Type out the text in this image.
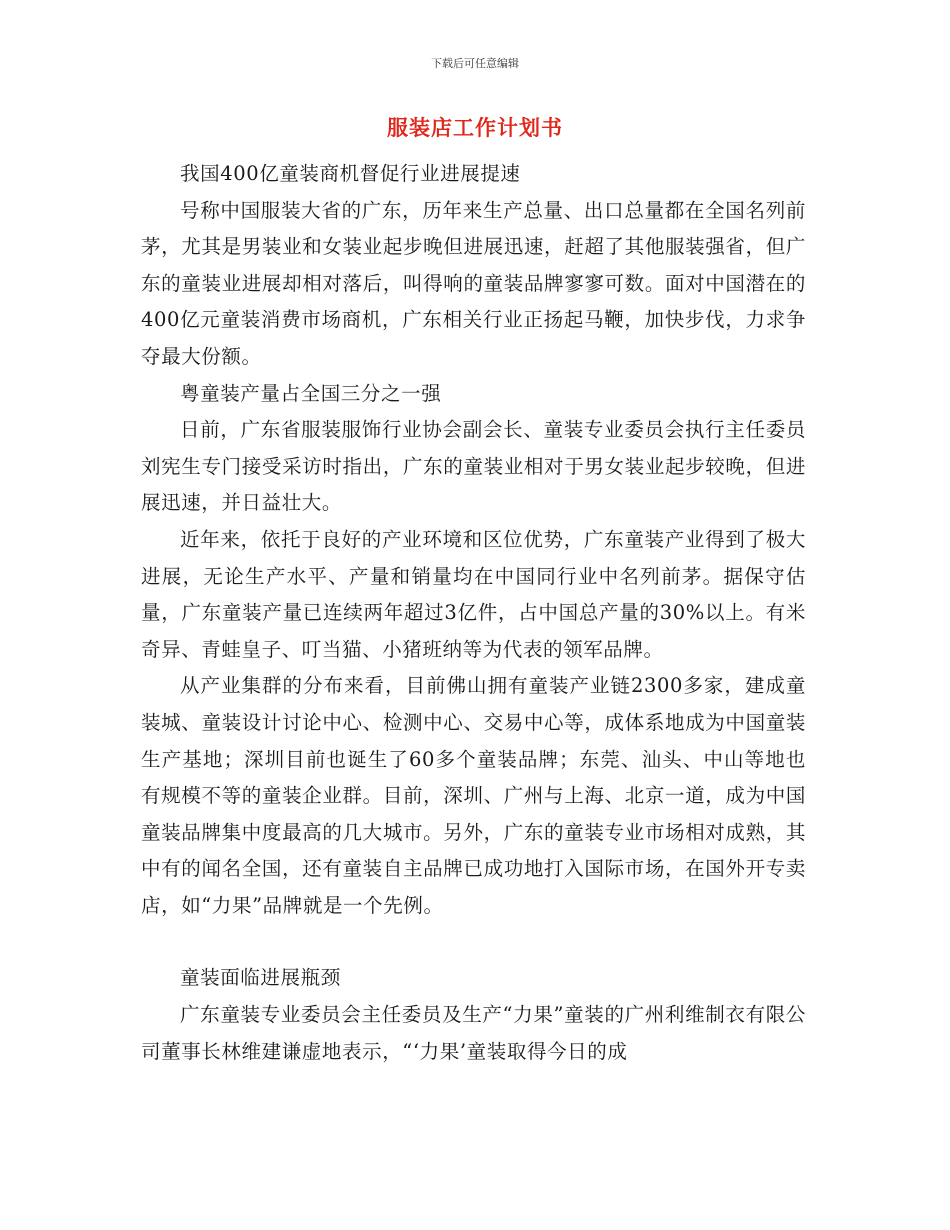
下载后可任意编辑
服装店工作计划书

我国400亿童装商机督促行业进展提速

号称中国服装大省的广东，历年来生产总量、出口总量都在全国名列前茅，尤其是男装业和女装业起步晚但进展迅速，赶超了其他服装强省，但广东的童装业进展却相对落后，叫得响的童装品牌寥寥可数。面对中国潜在的400亿元童装消费市场商机，广东相关行业正扬起马鞭，加快步伐，力求争夺最大份额。

粤童装产量占全国三分之一强

日前，广东省服装服饰行业协会副会长、童装专业委员会执行主任委员刘宪生专门接受采访时指出，广东的童装业相对于男女装业起步较晚，但进展迅速，并日益壮大。

近年来，依托于良好的产业环境和区位优势，广东童装产业得到了极大进展，无论生产水平、产量和销量均在中国同行业中名列前茅。据保守估量，广东童装产量已连续两年超过3亿件，占中国总产量的30%以上。有米奇异、青蛙皇子、叮当猫、小猪班纳等为代表的领军品牌。

从产业集群的分布来看，目前佛山拥有童装产业链2300多家，建成童装城、童装设计讨论中心、检测中心、交易中心等，成体系地成为中国童装生产基地；深圳目前也诞生了60多个童装品牌；东莞、汕头、中山等地也有规模不等的童装企业群。目前，深圳、广州与上海、北京一道，成为中国童装品牌集中度最高的几大城市。另外，广东的童装专业市场相对成熟，其中有的闻名全国，还有童装自主品牌已成功地打入国际市场，在国外开专卖店，如“力果”品牌就是一个先例。

童装面临进展瓶颈

广东童装专业委员会主任委员及生产“力果”童装的广州利维制衣有限公司董事长林维建谦虚地表示，“‘力果’童装取得今日的成
